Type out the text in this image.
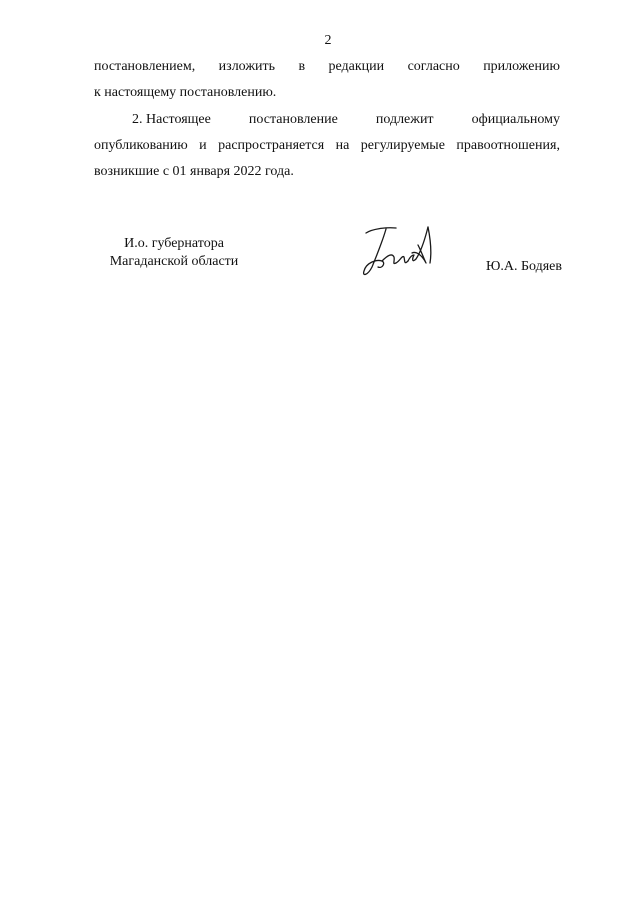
2
постановлением, изложить в редакции согласно приложению
к настоящему постановлению.
2. Настоящее	постановление	подлежит	официальному
опубликованию и распространяется на регулируемые правоотношения,
возникшие с 01 января 2022 года.
И.о. губернатора
Магаданской области	Ю.А. Бодяев
